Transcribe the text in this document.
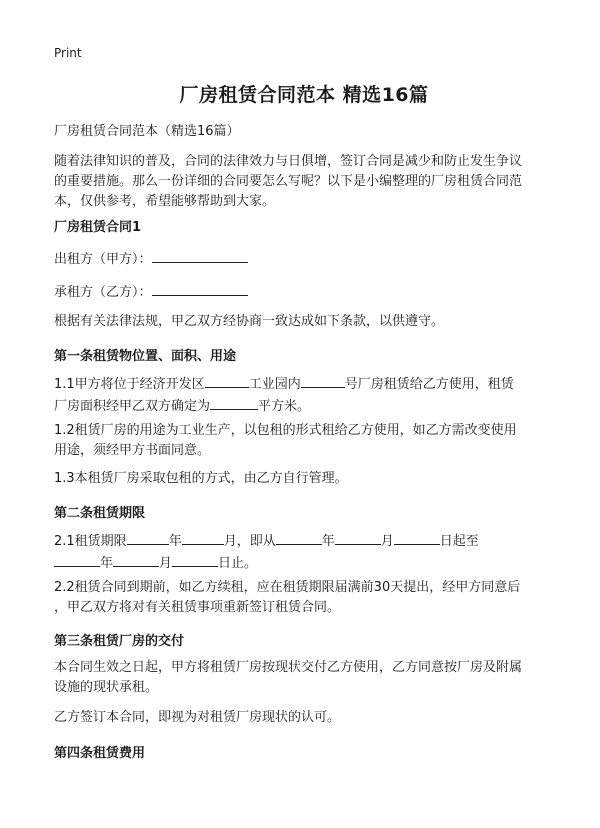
Print
厂房租赁合同范本 精选16篇
厂房租赁合同范本（精选16篇）
随着法律知识的普及，合同的法律效力与日俱增，签订合同是减少和防止发生争议
的重要措施。那么一份详细的合同要怎么写呢？以下是小编整理的厂房租赁合同范
本，仅供参考，希望能够帮助到大家。
厂房租赁合同1
出租方（甲方）：
承租方（乙方）：
根据有关法律法规，甲乙双方经协商一致达成如下条款，以供遵守。
第一条租赁物位置、面积、用途
1.1甲方将位于经济开发区	工业园内	号厂房租赁给乙方使用，租赁
厂房面积经甲乙双方确定为	平方米。
1.2租赁厂房的用途为工业生产，以包租的形式租给乙方使用，如乙方需改变使用
用途，须经甲方书面同意。
1.3本租赁厂房采取包租的方式，由乙方自行管理。
第二条租赁期限
2.1租赁期限	年	月，即从	年	月	日起至
年	月	日止。
2.2租赁合同到期前，如乙方续租，应在租赁期限届满前30天提出，经甲方同意后
，甲乙双方将对有关租赁事项重新签订租赁合同。
第三条租赁厂房的交付
本合同生效之日起，甲方将租赁厂房按现状交付乙方使用，乙方同意按厂房及附属
设施的现状承租。
乙方签订本合同，即视为对租赁厂房现状的认可。
第四条租赁费用
